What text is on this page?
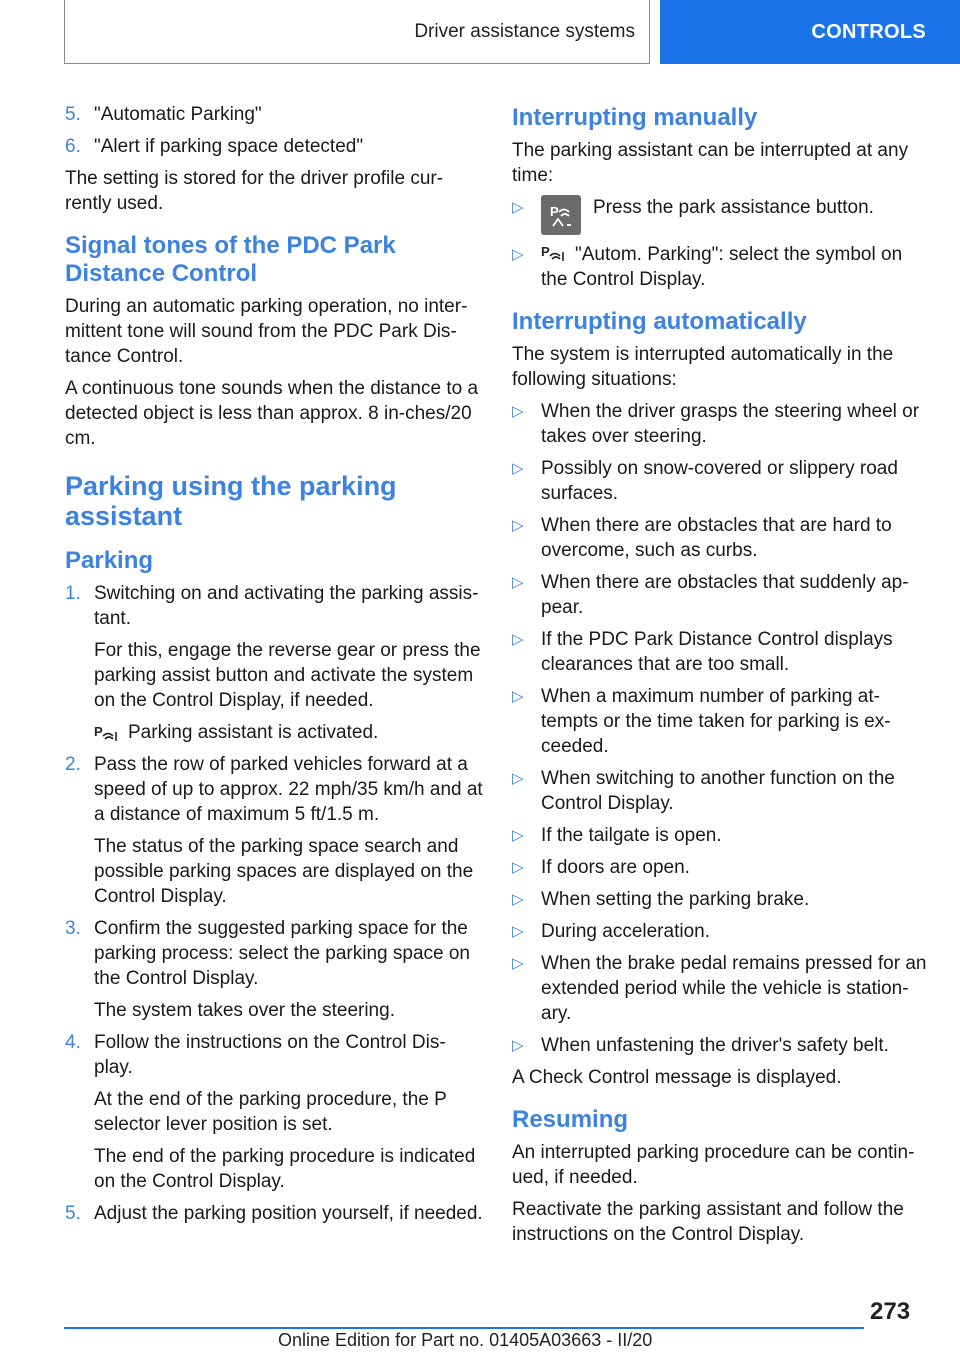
Driver assistance systems	CONTROLS
5. "Automatic Parking"
6. "Alert if parking space detected"

The setting is stored for the driver profile cur-rently used.

Signal tones of the PDC Park Distance Control

During an automatic parking operation, no inter-mittent tone will sound from the PDC Park Dis-tance Control.

A continuous tone sounds when the distance to a detected object is less than approx. 8 in-ches/20 cm.

Parking using the parking assistant
Parking
1. Switching on and activating the parking assis-tant.

For this, engage the reverse gear or press the parking assist button and activate the system on the Control Display, if needed.

P Parking assistant is activated.

2. Pass the row of parked vehicles forward at a speed of up to approx. 22 mph/35 km/h and at a distance of maximum 5 ft/1.5 m.

The status of the parking space search and possible parking spaces are displayed on the Control Display.

3. Confirm the suggested parking space for the parking process: select the parking space on the Control Display.

The system takes over the steering.

4. Follow the instructions on the Control Dis-play.

At the end of the parking procedure, the P selector lever position is set.

The end of the parking procedure is indicated on the Control Display.

5. Adjust the parking position yourself, if needed.

Interrupting manually

The parking assistant can be interrupted at any time:

▷	P Press the park assistance button.
▷	P "Autom. Parking": select the symbol on the Control Display.
Interrupting automatically

The system is interrupted automatically in the following situations:

▷ When the driver grasps the steering wheel or takes over steering.
▷ Possibly on snow-covered or slippery road surfaces.
▷ When there are obstacles that are hard to overcome, such as curbs.
▷ When there are obstacles that suddenly ap-pear.
▷ If the PDC Park Distance Control displays clearances that are too small.
▷ When a maximum number of parking at-tempts or the time taken for parking is ex-ceeded.
▷ When switching to another function on the Control Display.
▷ If the tailgate is open.
▷ If doors are open.
▷ When setting the parking brake.
▷ During acceleration.
▷ When the brake pedal remains pressed for an extended period while the vehicle is station-ary.
▷ When unfastening the driver's safety belt.

A Check Control message is displayed.

Resuming

An interrupted parking procedure can be contin-ued, if needed.

Reactivate the parking assistant and follow the instructions on the Control Display.

273
Online Edition for Part no. 01405A03663 - II/20
